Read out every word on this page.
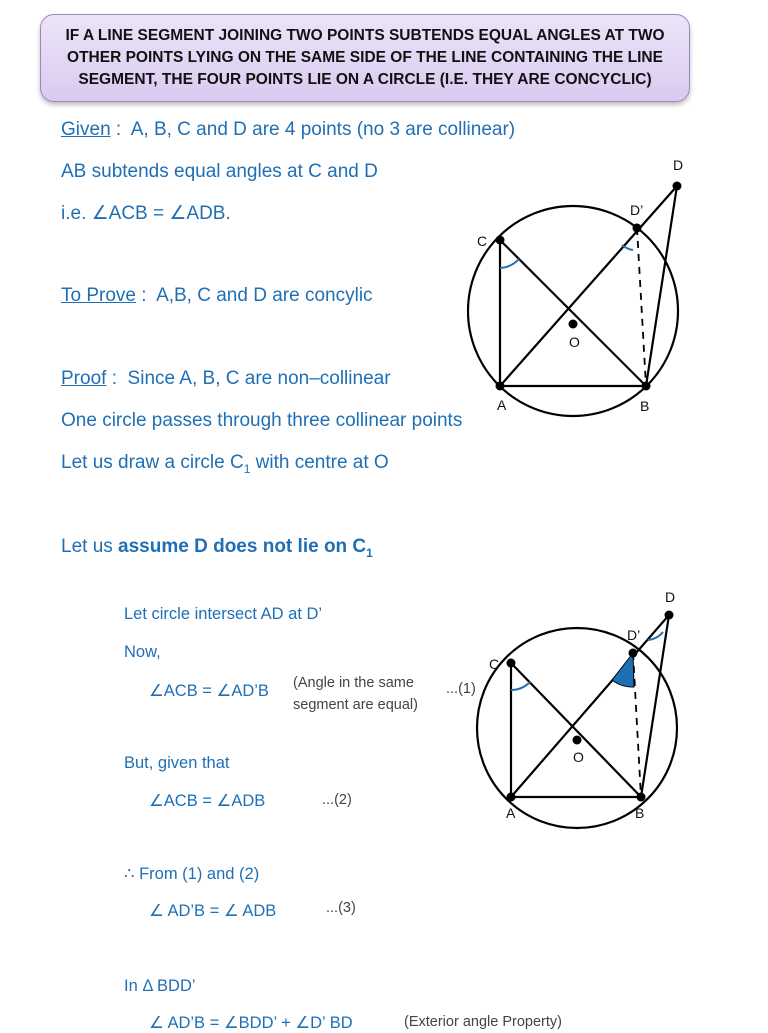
IF A LINE SEGMENT JOINING TWO POINTS SUBTENDS EQUAL ANGLES AT TWO
OTHER POINTS LYING ON THE SAME SIDE OF THE LINE CONTAINING THE LINE
SEGMENT, THE FOUR POINTS LIE ON A CIRCLE (I.E. THEY ARE CONCYCLIC)
Given : A, B, C and D are 4 points (no 3 are collinear)
AB subtends equal angles at C and D
i.e. ∠ACB = ∠ADB.
To Prove : A,B, C and D are concylic
Proof : Since A, B, C are non–collinear
One circle passes through three collinear points
Let us draw a circle $C_1$ with centre at O
Let us assume D does not lie on $C_1$
Let circle intersect AD at D’
Now,
∠ACB = ∠AD’B (Angle in the same
segment are equal)
...(1)
But, given that
∠ACB = ∠ADB	...(2)
∴ From (1) and (2)
∠ AD’B = ∠ ADB	...(3)
In Δ BDD’
∠ AD’B = ∠BDD’ + ∠D’ BD	(Exterior angle Property)
A	B
C
D
D’
O
A	B
C
D
D’
O
